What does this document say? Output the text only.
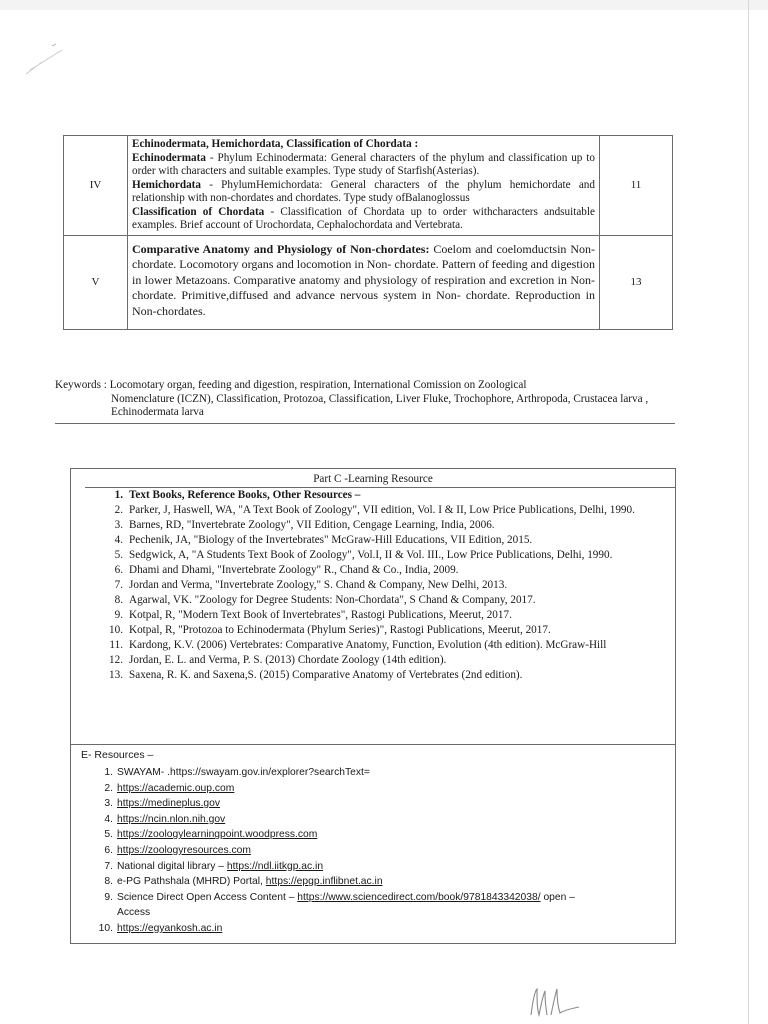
IV	Echinodermata, Hemichordata, Classification of Chordata :
Echinodermata - Phylum Echinodermata: General characters of the phylum and classification up to order with characters and suitable examples. Type study of Starfish(Asterias).
Hemichordata - PhylumHemichordata: General characters of the phylum hemichordate and relationship with non-chordates and chordates. Type study ofBalanoglossus
Classification of Chordata - Classification of Chordata up to order withcharacters andsuitable examples. Brief account of Urochordata, Cephalochordata and Vertebrata.	11
V	Comparative Anatomy and Physiology of Non-chordates: Coelom and coelomductsin Non- chordate. Locomotory organs and locomotion in Non- chordate. Pattern of feeding and digestion in lower Metazoans. Comparative anatomy and physiology of respiration and excretion in Non- chordate. Primitive,diffused and advance nervous system in Non- chordate. Reproduction in Non-chordates.	13
Keywords : Locomotary organ, feeding and digestion, respiration, International Comission on Zoological
Nomenclature (ICZN), Classification, Protozoa, Classification, Liver Fluke, Trochophore, Arthropoda, Crustacea larva , Echinodermata larva
Part C -Learning Resource
1. Text Books, Reference Books, Other Resources –
2. Parker, J, Haswell, WA, "A Text Book of Zoology", VII edition, Vol. I & II, Low Price Publications, Delhi, 1990.
3. Barnes, RD, "Invertebrate Zoology", VII Edition, Cengage Learning, India, 2006.
4. Pechenik, JA, "Biology of the Invertebrates" McGraw-Hill Educations, VII Edition, 2015.
5. Sedgwick, A, "A Students Text Book of Zoology", Vol.I, II & Vol. III., Low Price Publications, Delhi, 1990.
6. Dhami and Dhami, "Invertebrate Zoology" R., Chand & Co., India, 2009.
7. Jordan and Verma, "Invertebrate Zoology," S. Chand & Company, New Delhi, 2013.
8. Agarwal, VK. "Zoology for Degree Students: Non-Chordata", S Chand & Company, 2017.
9. Kotpal, R, "Modern Text Book of Invertebrates", Rastogi Publications, Meerut, 2017.
10. Kotpal, R, "Protozoa to Echinodermata (Phylum Series)", Rastogi Publications, Meerut, 2017.
11. Kardong, K.V. (2006) Vertebrates: Comparative Anatomy, Function, Evolution (4th edition). McGraw-Hill
12. Jordan, E. L. and Verma, P. S. (2013) Chordate Zoology (14th edition).
13. Saxena, R. K. and Saxena,S. (2015) Comparative Anatomy of Vertebrates (2nd edition).
E- Resources –
1. SWAYAM- .https://swayam.gov.in/explorer?searchText=
2. https://academic.oup.com
3. https://medineplus.gov
4. https://ncin.nlon.nih.gov
5. https://zoologylearningpoint.woodpress.com
6. https://zoologyresources.com
7. National digital library – https://ndl.iitkgp.ac.in
8. e-PG Pathshala (MHRD) Portal, https://epgp.inflibnet.ac.in
9. Science Direct Open Access Content – https://www.sciencedirect.com/book/9781843342038/ open –
Access
10. https://egyankosh.ac.in
